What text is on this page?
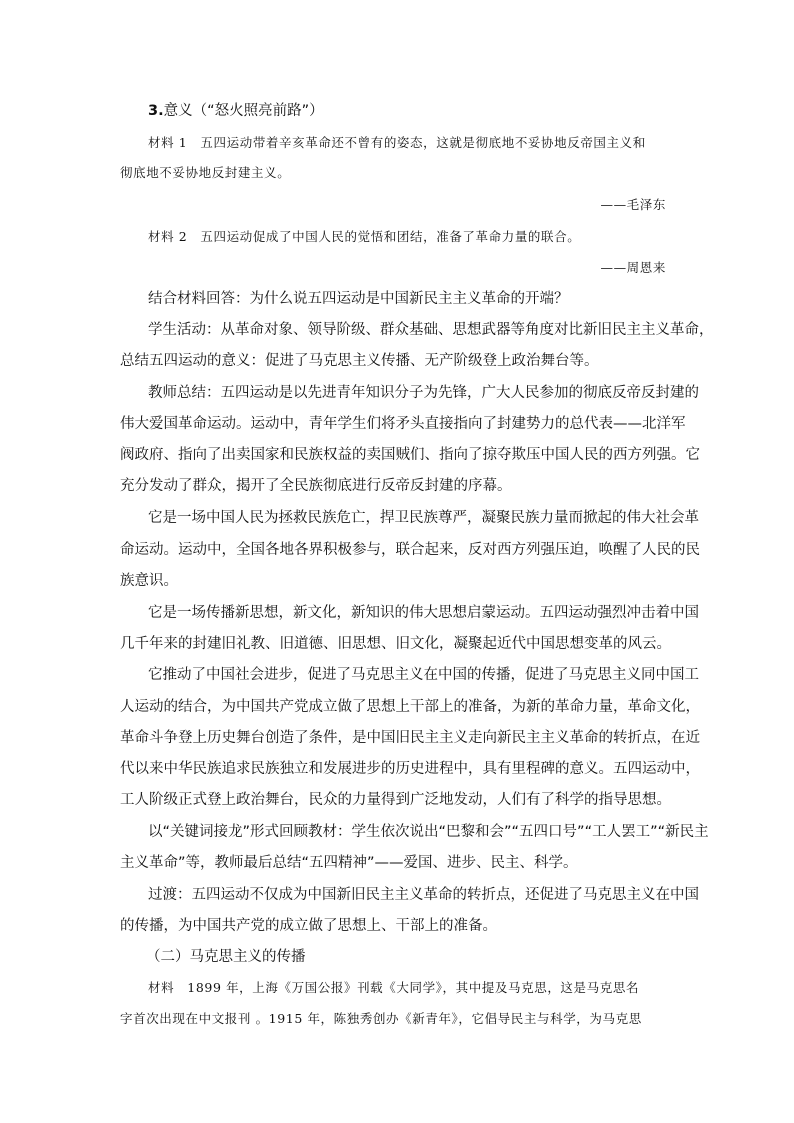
3.意义（“怒火照亮前路”）
材料 1　五四运动带着辛亥革命还不曾有的姿态，这就是彻底地不妥协地反帝国主义和
彻底地不妥协地反封建主义。
——毛泽东
材料 2　五四运动促成了中国人民的觉悟和团结，准备了革命力量的联合。
——周恩来
结合材料回答：为什么说五四运动是中国新民主主义革命的开端？
学生活动：从革命对象、领导阶级、群众基础、思想武器等角度对比新旧民主主义革命，
总结五四运动的意义：促进了马克思主义传播、无产阶级登上政治舞台等。
教师总结：五四运动是以先进青年知识分子为先锋，广大人民参加的彻底反帝反封建的
伟大爱国革命运动。运动中，青年学生们将矛头直接指向了封建势力的总代表——北洋军
阀政府、指向了出卖国家和民族权益的卖国贼们、指向了掠夺欺压中国人民的西方列强。它
充分发动了群众，揭开了全民族彻底进行反帝反封建的序幕。
它是一场中国人民为拯救民族危亡，捍卫民族尊严，凝聚民族力量而掀起的伟大社会革
命运动。运动中，全国各地各界积极参与，联合起来，反对西方列强压迫，唤醒了人民的民
族意识。
它是一场传播新思想，新文化，新知识的伟大思想启蒙运动。五四运动强烈冲击着中国
几千年来的封建旧礼教、旧道德、旧思想、旧文化，凝聚起近代中国思想变革的风云。
它推动了中国社会进步，促进了马克思主义在中国的传播，促进了马克思主义同中国工
人运动的结合，为中国共产党成立做了思想上干部上的准备，为新的革命力量，革命文化，
革命斗争登上历史舞台创造了条件，是中国旧民主主义走向新民主主义革命的转折点，在近
代以来中华民族追求民族独立和发展进步的历史进程中，具有里程碑的意义。五四运动中，
工人阶级正式登上政治舞台，民众的力量得到广泛地发动，人们有了科学的指导思想。
以“关键词接龙”形式回顾教材：学生依次说出“巴黎和会”“五四口号”“工人罢工”“新民主
主义革命”等，教师最后总结“五四精神”——爱国、进步、民主、科学。
过渡：五四运动不仅成为中国新旧民主主义革命的转折点，还促进了马克思主义在中国
的传播，为中国共产党的成立做了思想上、干部上的准备。
（二）马克思主义的传播
材料　1899 年，上海《万国公报》刊载《大同学》，其中提及马克思，这是马克思名
字首次出现在中文报刊 。1915 年，陈独秀创办《新青年》，它倡导民主与科学，为马克思
